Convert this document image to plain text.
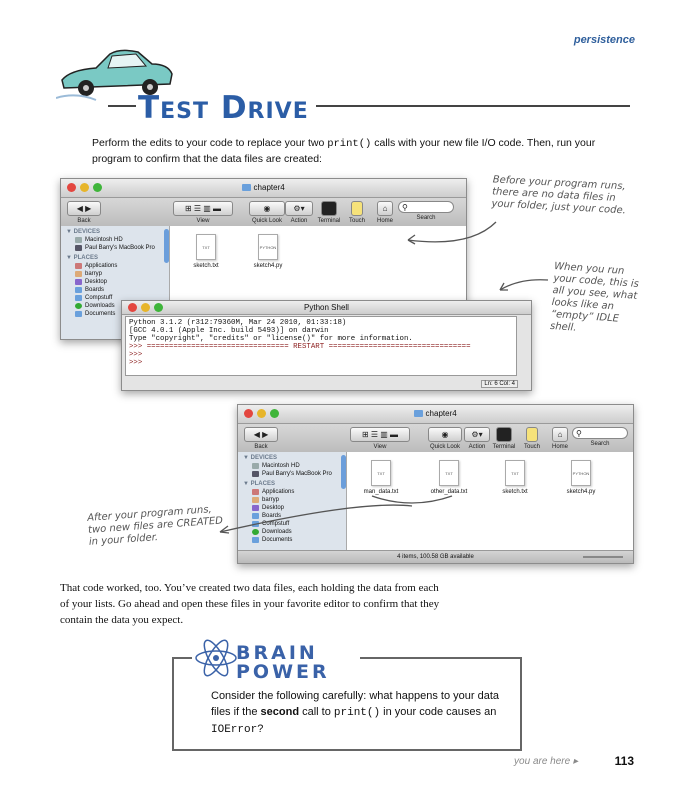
persistence
Test Drive
Perform the edits to your code to replace your two print() calls with your new file I/O code. Then, run your program to confirm that the data files are created:
chapter4
◀ ▶
Back
⊞ ☰ ▥ ▬
View
◉
Quick Look
⚙▾
Action	Terminal	Touch
⌂
Home
⚲
Search
▼ DEVICES
Macintosh HD
Paul Barry's MacBook Pro
▼ PLACES
Applications
barryp
Desktop
Boards
Compstuff
Downloads
Documents
TXT
sketch.txt
PYTHON
sketch4.py
Python Shell
Python 3.1.2 (r312:79360M, Mar 24 2010, 01:33:18)
[GCC 4.0.1 (Apple Inc. build 5493)] on darwin
Type "copyright", "credits" or "license()" for more information.
>>> ================================ RESTART ================================
>>>
>>>
Ln: 6 Col: 4
chapter4
◀ ▶
Back
⊞ ☰ ▥ ▬
View
◉
Quick Look
⚙▾
Action	Terminal	Touch
⌂
Home
⚲
Search
▼ DEVICES
Macintosh HD
Paul Barry's MacBook Pro
▼ PLACES
Applications
barryp
Desktop
Boards
Compstuff
Downloads
Documents
TXT
man_data.txt
TXT
other_data.txt
TXT
sketch.txt
PYTHON
sketch4.py
4 items, 100.58 GB available
Before your program runs, there are no data files in your folder, just your code.
When you run your code, this is all you see, what looks like an “empty” IDLE shell.
After your program runs, two new files are CREATED in your folder.
That code worked, too. You’ve created two data files, each holding the data from each of your lists. Go ahead and open these files in your favorite editor to confirm that they contain the data you expect.
BRAIN
POWER
Consider the following carefully: what happens to your data files if the second call to print() in your code causes an IOError?
you are here ▸	113
